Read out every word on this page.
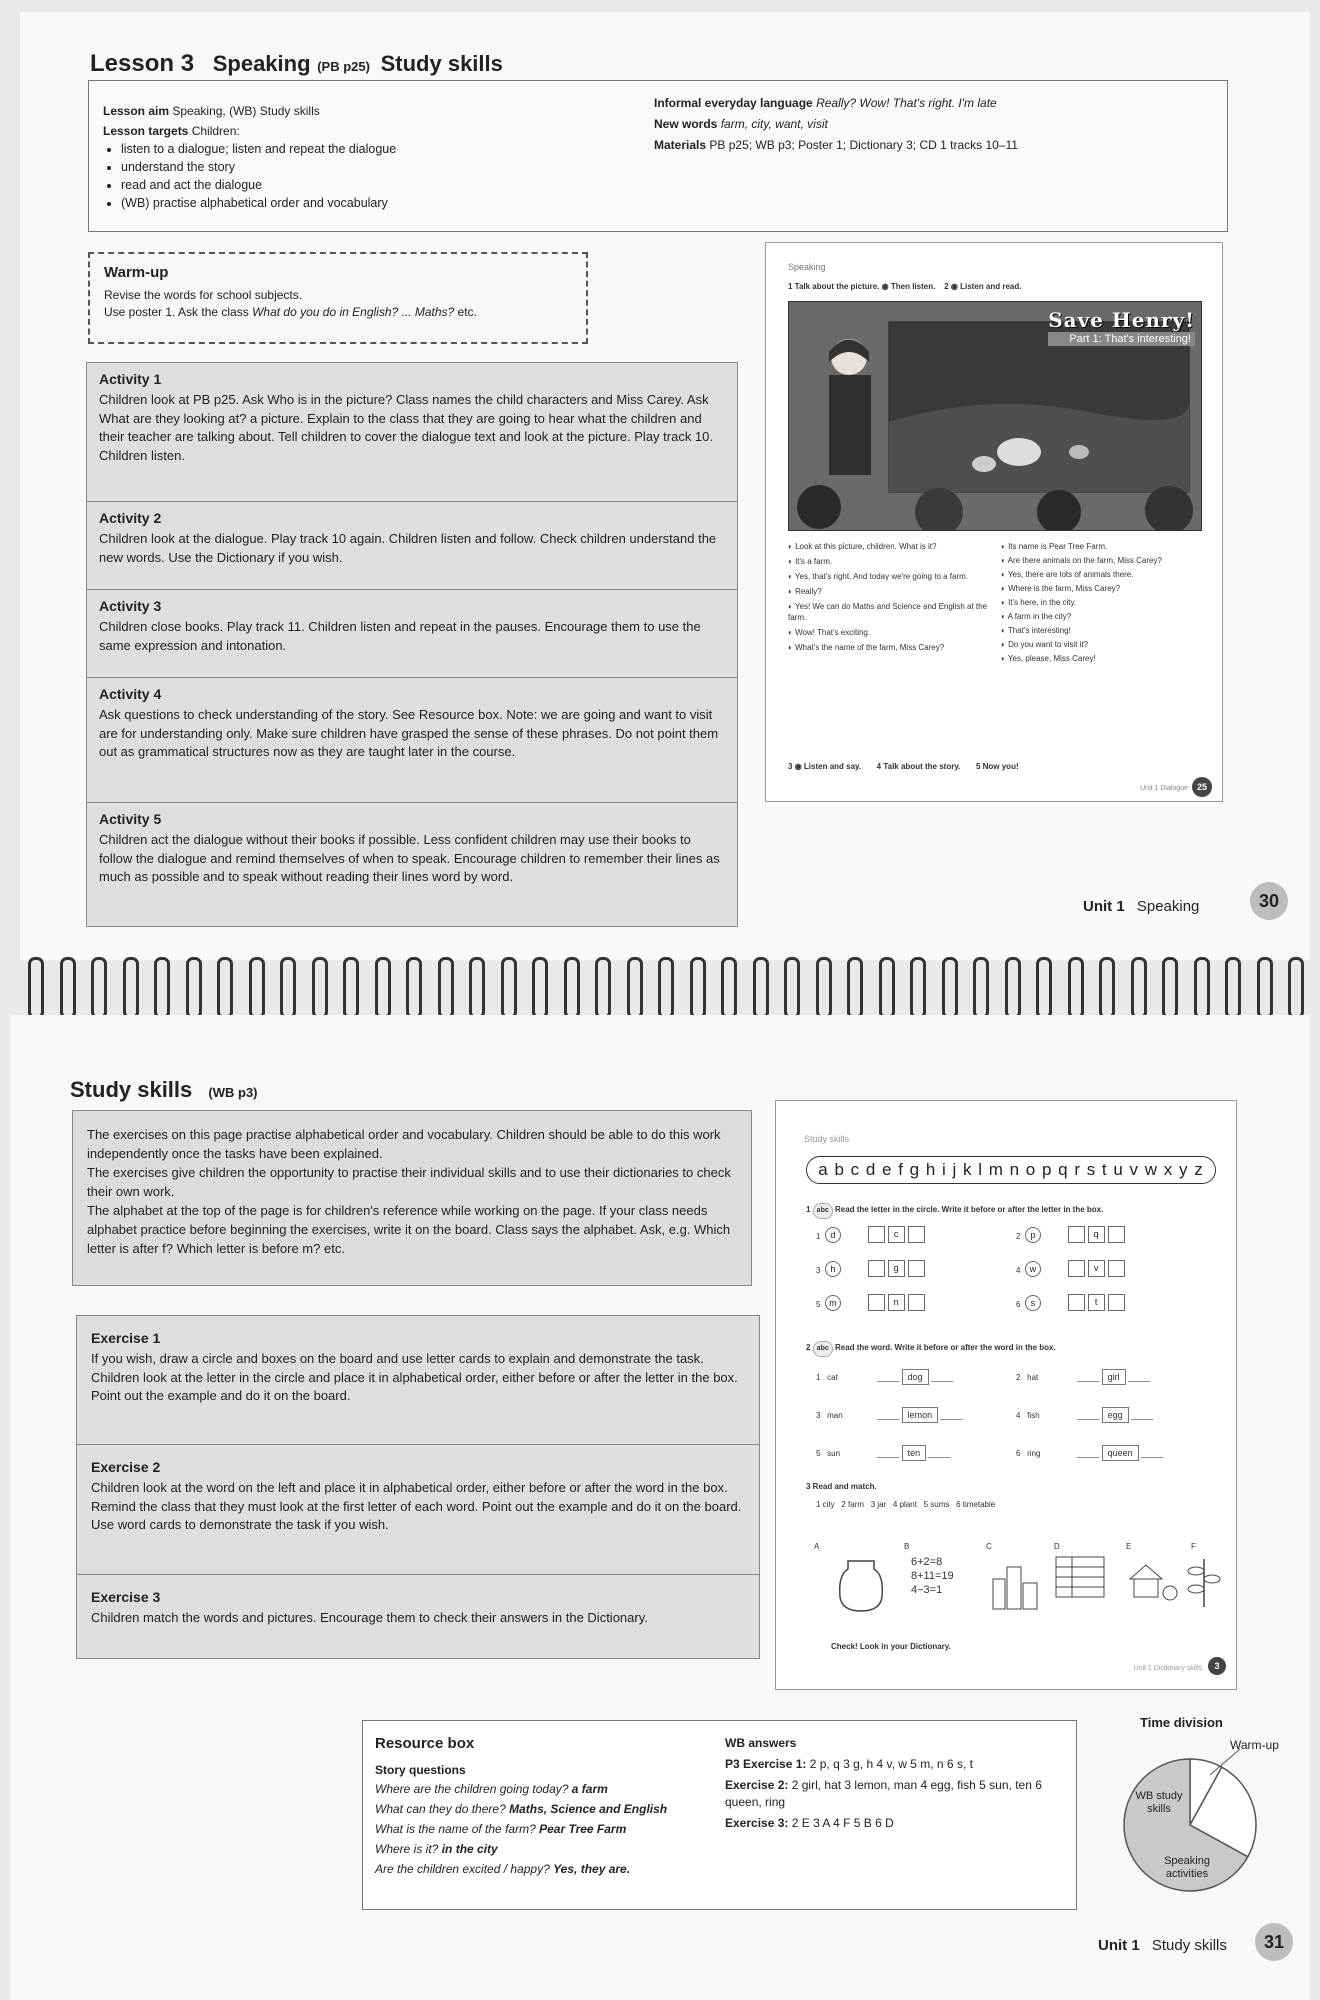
Lesson 3 Speaking (PB p25) Study skills
Lesson aim Speaking, (WB) Study skills
Lesson targets Children:
• listen to a dialogue; listen and repeat the dialogue
• understand the story
• read and act the dialogue
• (WB) practise alphabetical order and vocabulary
Informal everyday language Really? Wow! That's right. I'm late
New words farm, city, want, visit
Materials PB p25; WB p3; Poster 1; Dictionary 3; CD 1 tracks 10–11
Warm-up
Revise the words for school subjects.
Use poster 1. Ask the class What do you do in English? ... Maths? etc.
Activity 1

Children look at PB p25. Ask Who is in the picture? Class names the child characters and Miss Carey. Ask What are they looking at? a picture. Explain to the class that they are going to hear what the children and their teacher are talking about. Tell children to cover the dialogue text and look at the picture. Play track 10. Children listen.

Activity 2

Children look at the dialogue. Play track 10 again. Children listen and follow. Check children understand the new words. Use the Dictionary if you wish.

Activity 3

Children close books. Play track 11. Children listen and repeat in the pauses. Encourage them to use the same expression and intonation.

Activity 4

Ask questions to check understanding of the story. See Resource box. Note: we are going and want to visit are for understanding only. Make sure children have grasped the sense of these phrases. Do not point them out as grammatical structures now as they are taught later in the course.

Activity 5

Children act the dialogue without their books if possible. Less confident children may use their books to follow the dialogue and remind themselves of when to speak. Encourage children to remember their lines as much as possible and to speak without reading their lines word by word.

Speaking
1 Talk about the picture. ◉ Then listen. 2 ◉ Listen and read.
Save Henry!
Part 1: That's interesting!
◐ Look at this picture, children. What is it?
◐ It's a farm.
◐ Yes, that's right. And today we're going to a farm.
◐ Really?
◐ Yes! We can do Maths and Science and English at the farm.
◐ Wow! That's exciting.
◐ What's the name of the farm, Miss Carey?
◐ Its name is Pear Tree Farm.
◐ Are there animals on the farm, Miss Carey?
◐ Yes, there are lots of animals there.
◐ Where is the farm, Miss Carey?
◐ It's here, in the city.
◐ A farm in the city?
◐ That's interesting!
◐ Do you want to visit it?
◐ Yes, please, Miss Carey!
3 ◉ Listen and say. 4 Talk about the story. 5 Now you!
Unit 1 Dialogue 25
Unit 1 Speaking	30
Study skills (WB p3)

The exercises on this page practise alphabetical order and vocabulary. Children should be able to do this work independently once the tasks have been explained.

The exercises give children the opportunity to practise their individual skills and to use their dictionaries to check their own work.

The alphabet at the top of the page is for children's reference while working on the page. If your class needs alphabet practice before beginning the exercises, write it on the board. Class says the alphabet. Ask, e.g. Which letter is after f? Which letter is before m? etc.

Exercise 1

If you wish, draw a circle and boxes on the board and use letter cards to explain and demonstrate the task. Children look at the letter in the circle and place it in alphabetical order, either before or after the letter in the box. Point out the example and do it on the board.

Exercise 2

Children look at the word on the left and place it in alphabetical order, either before or after the word in the box. Remind the class that they must look at the first letter of each word. Point out the example and do it on the board. Use word cards to demonstrate the task if you wish.

Exercise 3

Children match the words and pictures. Encourage them to check their answers in the Dictionary.

Study skills
a b c d e f g h i j k l m n o p q r s t u v w x y z
1 abc Read the letter in the circle. Write it before or after the letter in the box.
1 d	c
3 h	g
5 m	n
2 p	q
4 w	v
6 s	t
2 abc Read the word. Write it before or after the word in the box.
1 cat	_____ dog _____
3 man	_____ lemon _____
5 sun	_____ ten _____
2 hat	_____ girl _____
4 fish	_____ egg _____
6 ring	_____ queen _____
3 Read and match.
1 city 2 farm 3 jar 4 plant 5 sums 6 timetable
A	B	C	D	E	F
6+2=8
8+11=19
4−3=1
Check! Look in your Dictionary.
Unit 1 Dictionary skills	3
Resource box
Story questions
Where are the children going today? a farm
What can they do there? Maths, Science and English
What is the name of the farm? Pear Tree Farm
Where is it? in the city
Are the children excited / happy? Yes, they are.
WB answers
P3 Exercise 1: 2 p, q 3 g, h 4 v, w 5 m, n 6 s, t
Exercise 2: 2 girl, hat 3 lemon, man 4 egg, fish 5 sun, ten 6 queen, ring
Exercise 3: 2 E 3 A 4 F 5 B 6 D
Time division
Warm-up
WB study skills
Speaking activities
Unit 1 Study skills	31
